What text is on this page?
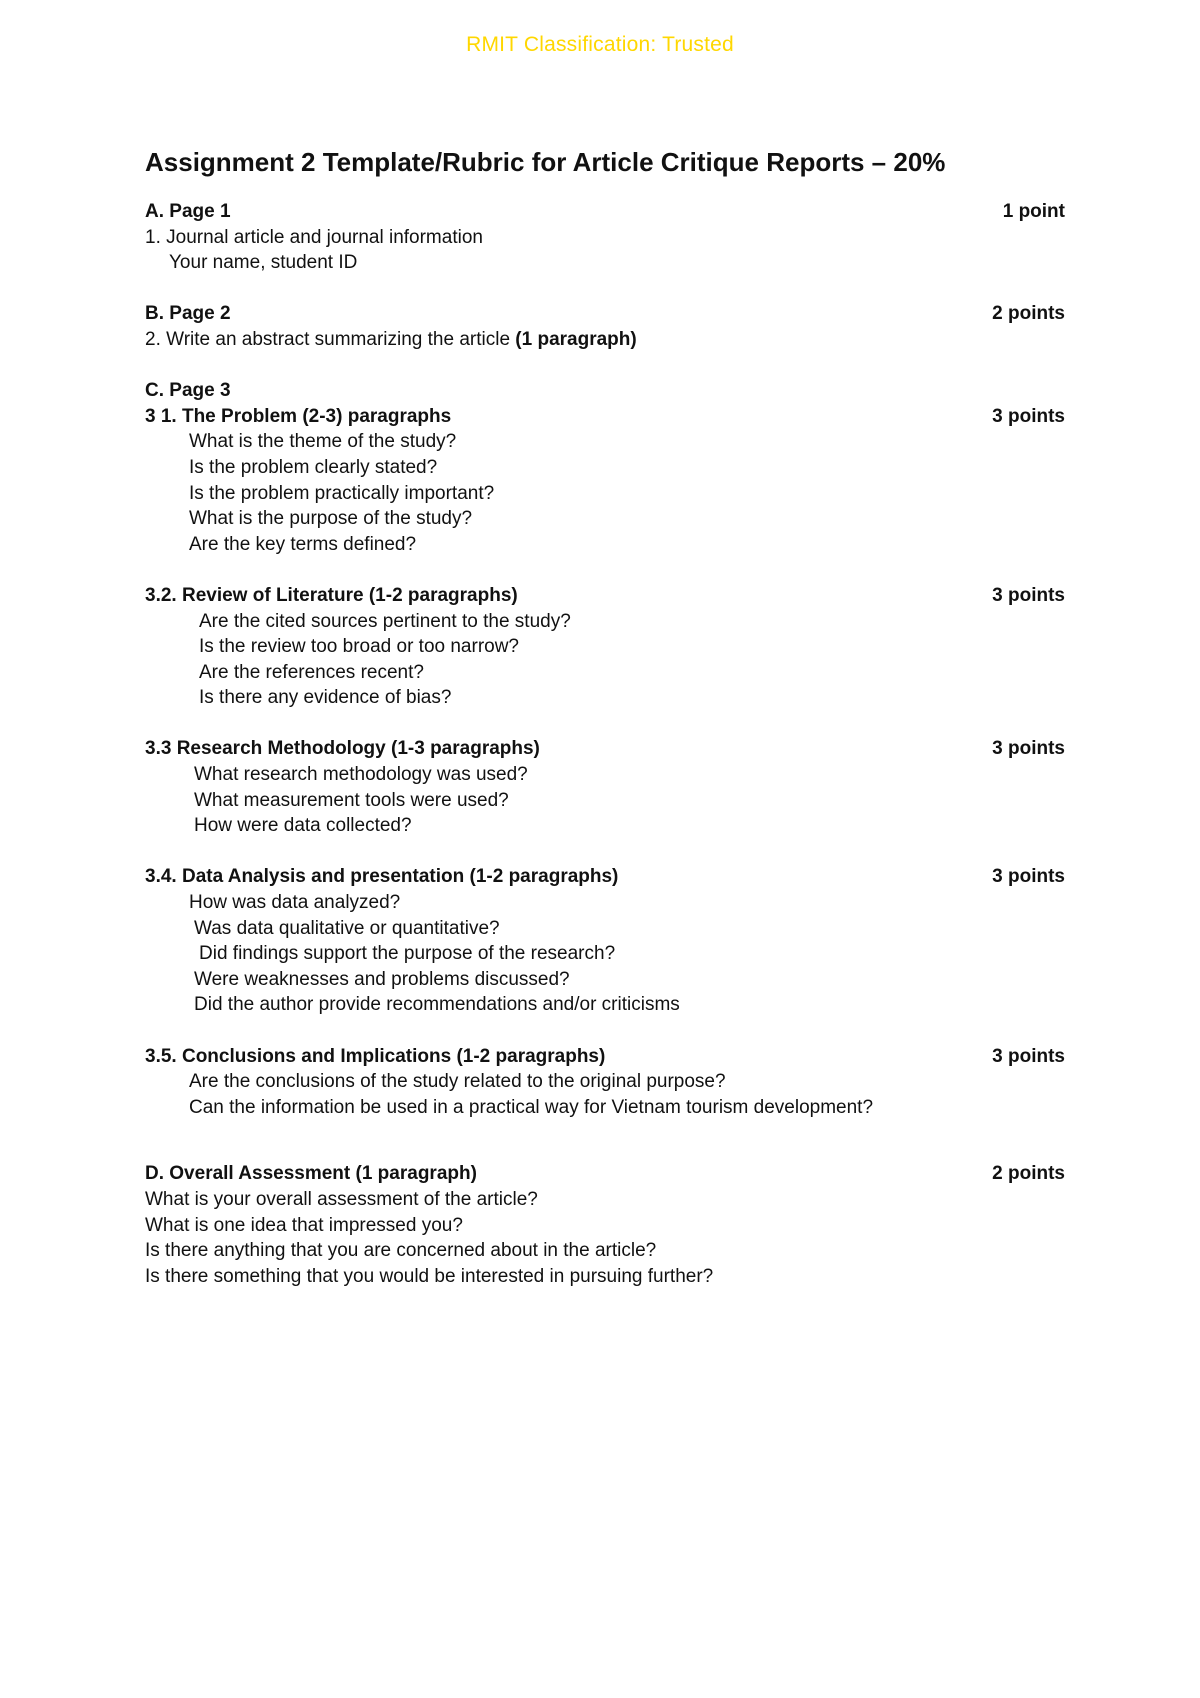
RMIT Classification: Trusted
Assignment 2 Template/Rubric for Article Critique Reports – 20%
A. Page 1	1 point
1. Journal article and journal information
Your name, student ID
B. Page 2	2 points
2. Write an abstract summarizing the article (1 paragraph)
C. Page 3
3 1. The Problem (2-3) paragraphs	3 points
What is the theme of the study?
Is the problem clearly stated?
Is the problem practically important?
What is the purpose of the study?
Are the key terms defined?
3.2. Review of Literature (1-2 paragraphs)	3 points
Are the cited sources pertinent to the study?
Is the review too broad or too narrow?
Are the references recent?
Is there any evidence of bias?
3.3 Research Methodology (1-3 paragraphs)	3 points
What research methodology was used?
What measurement tools were used?
How were data collected?
3.4. Data Analysis and presentation (1-2 paragraphs)	3 points
How was data analyzed?
Was data qualitative or quantitative?
Did findings support the purpose of the research?
Were weaknesses and problems discussed?
Did the author provide recommendations and/or criticisms
3.5. Conclusions and Implications (1-2 paragraphs)	3 points
Are the conclusions of the study related to the original purpose?
Can the information be used in a practical way for Vietnam tourism development?
D. Overall Assessment (1 paragraph)	2 points
What is your overall assessment of the article?
What is one idea that impressed you?
Is there anything that you are concerned about in the article?
Is there something that you would be interested in pursuing further?
